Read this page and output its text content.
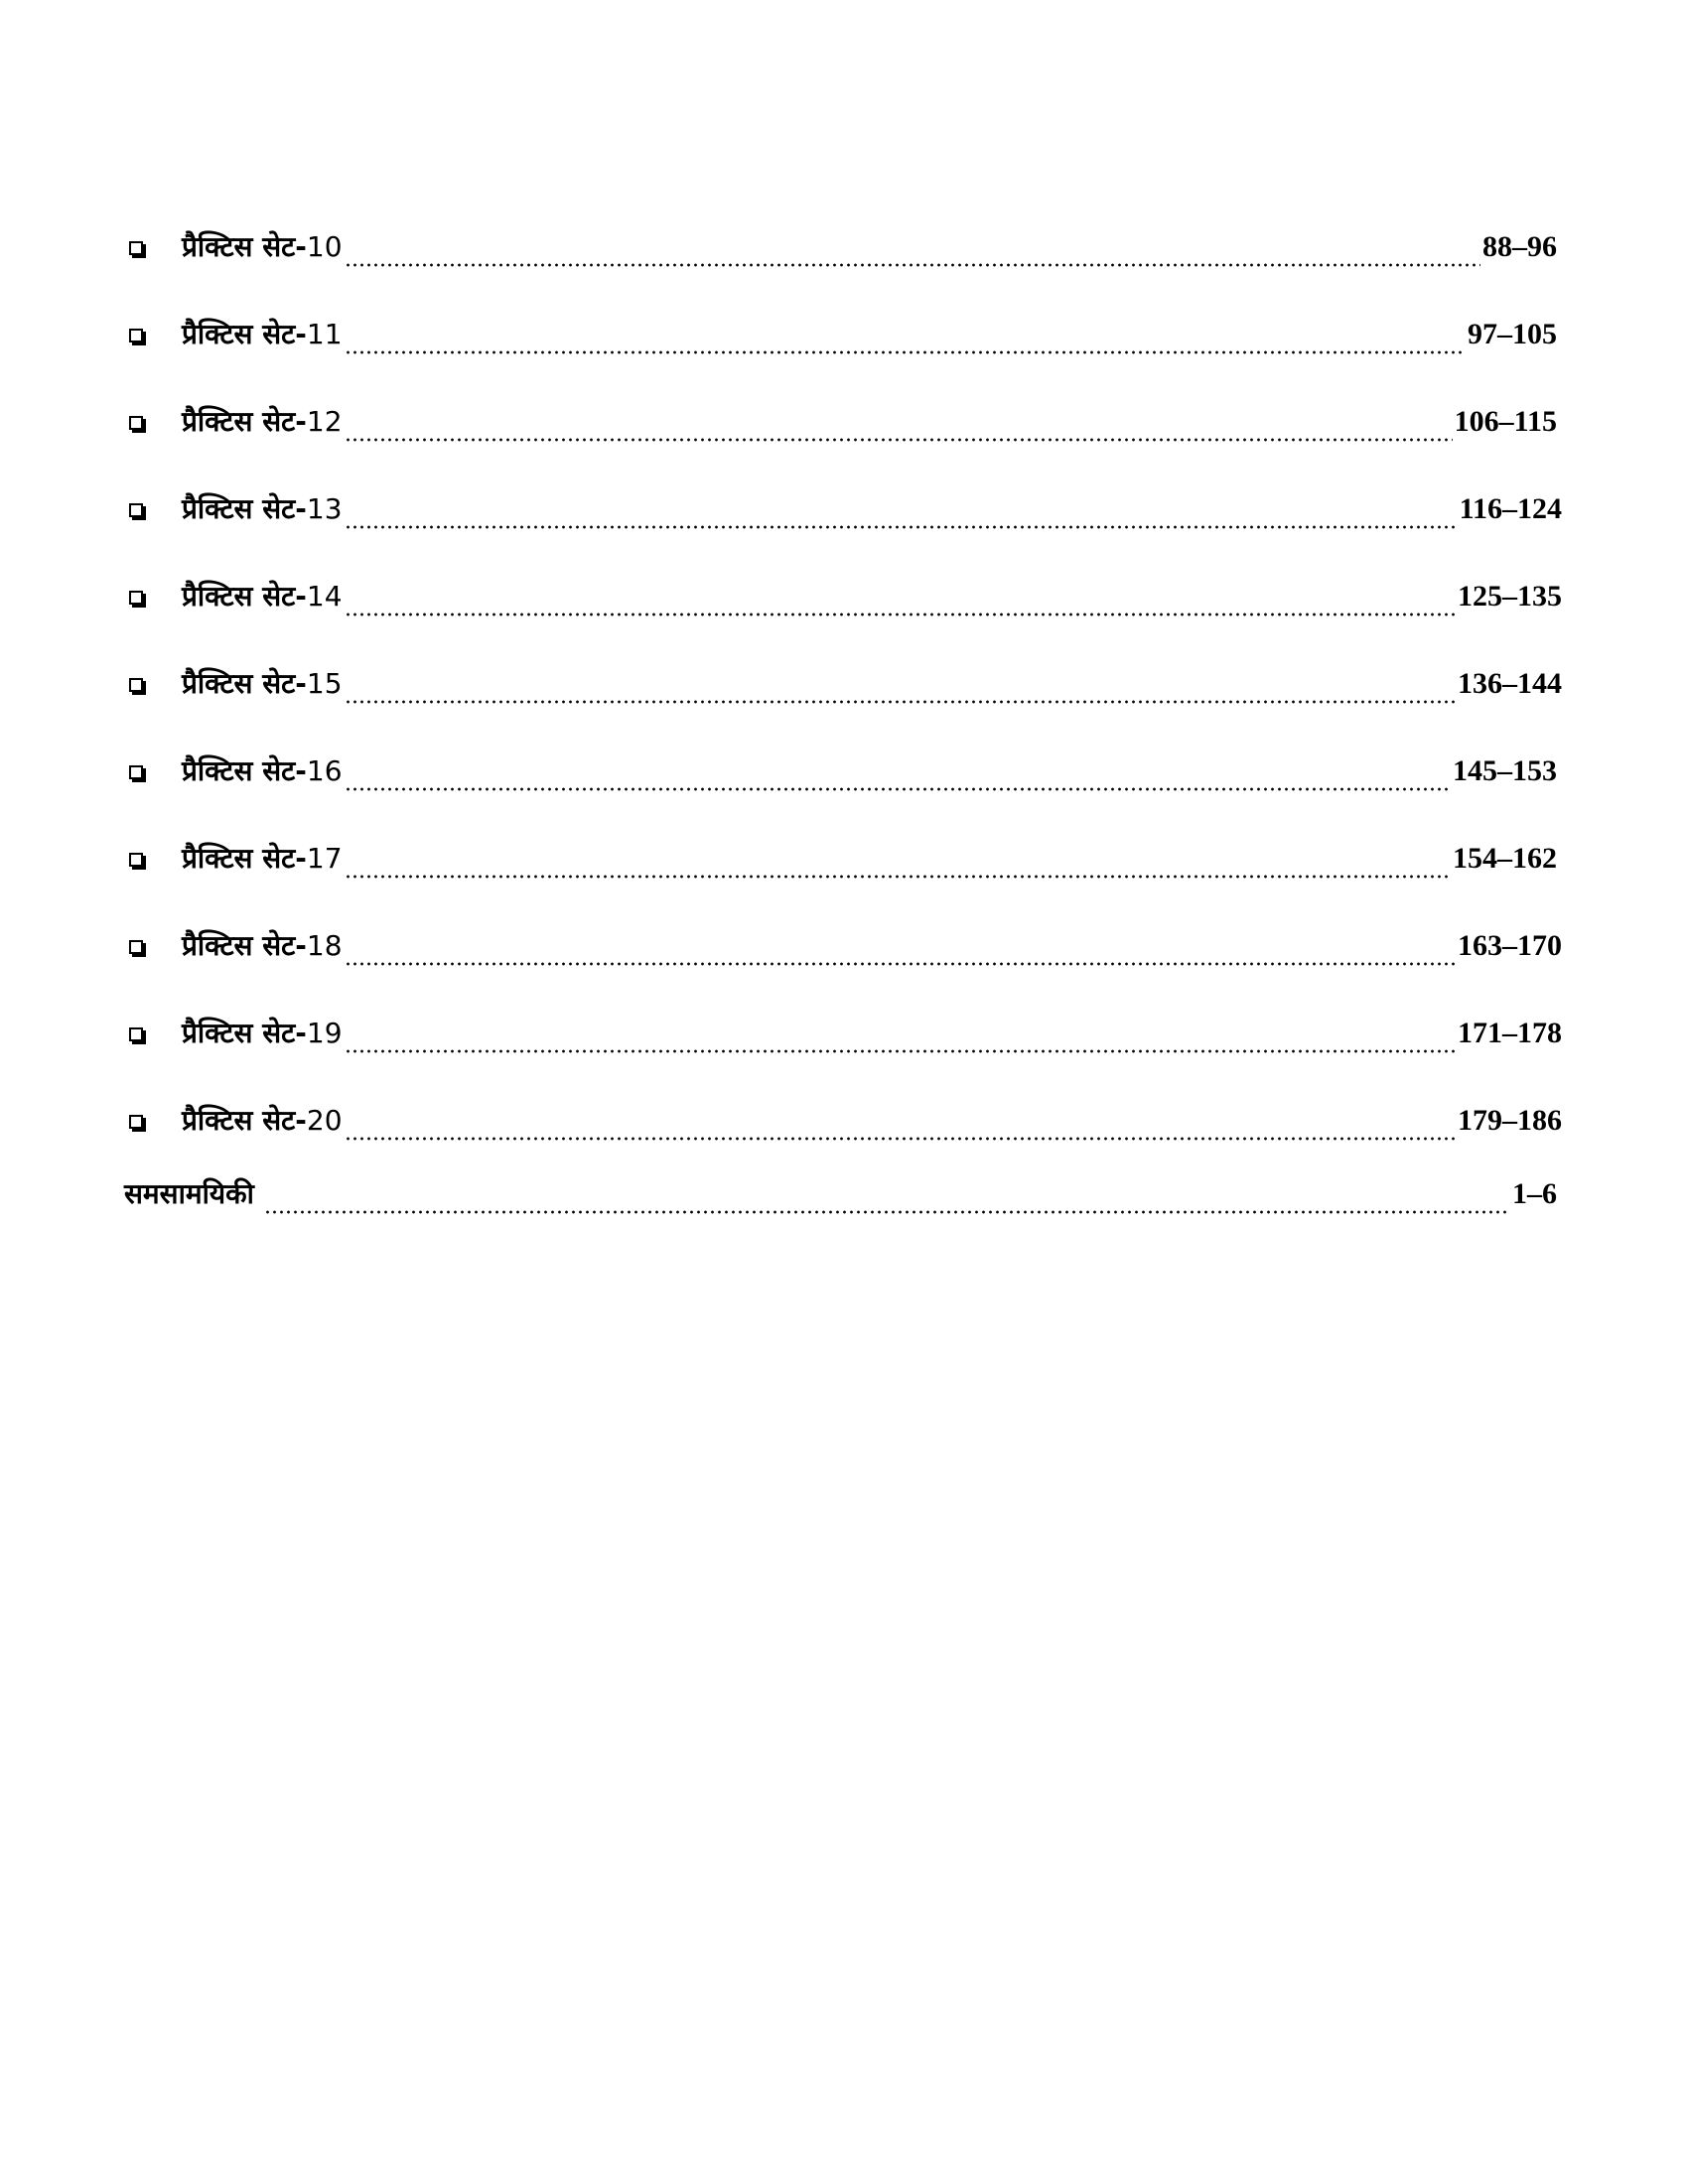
प्रैक्टिस सेट-10	88–96
प्रैक्टिस सेट-11	97–105
प्रैक्टिस सेट-12	106–115
प्रैक्टिस सेट-13	116–124
प्रैक्टिस सेट-14	125–135
प्रैक्टिस सेट-15	136–144
प्रैक्टिस सेट-16	145–153
प्रैक्टिस सेट-17	154–162
प्रैक्टिस सेट-18	163–170
प्रैक्टिस सेट-19	171–178
प्रैक्टिस सेट-20	179–186
समसामयिकी	1–6
